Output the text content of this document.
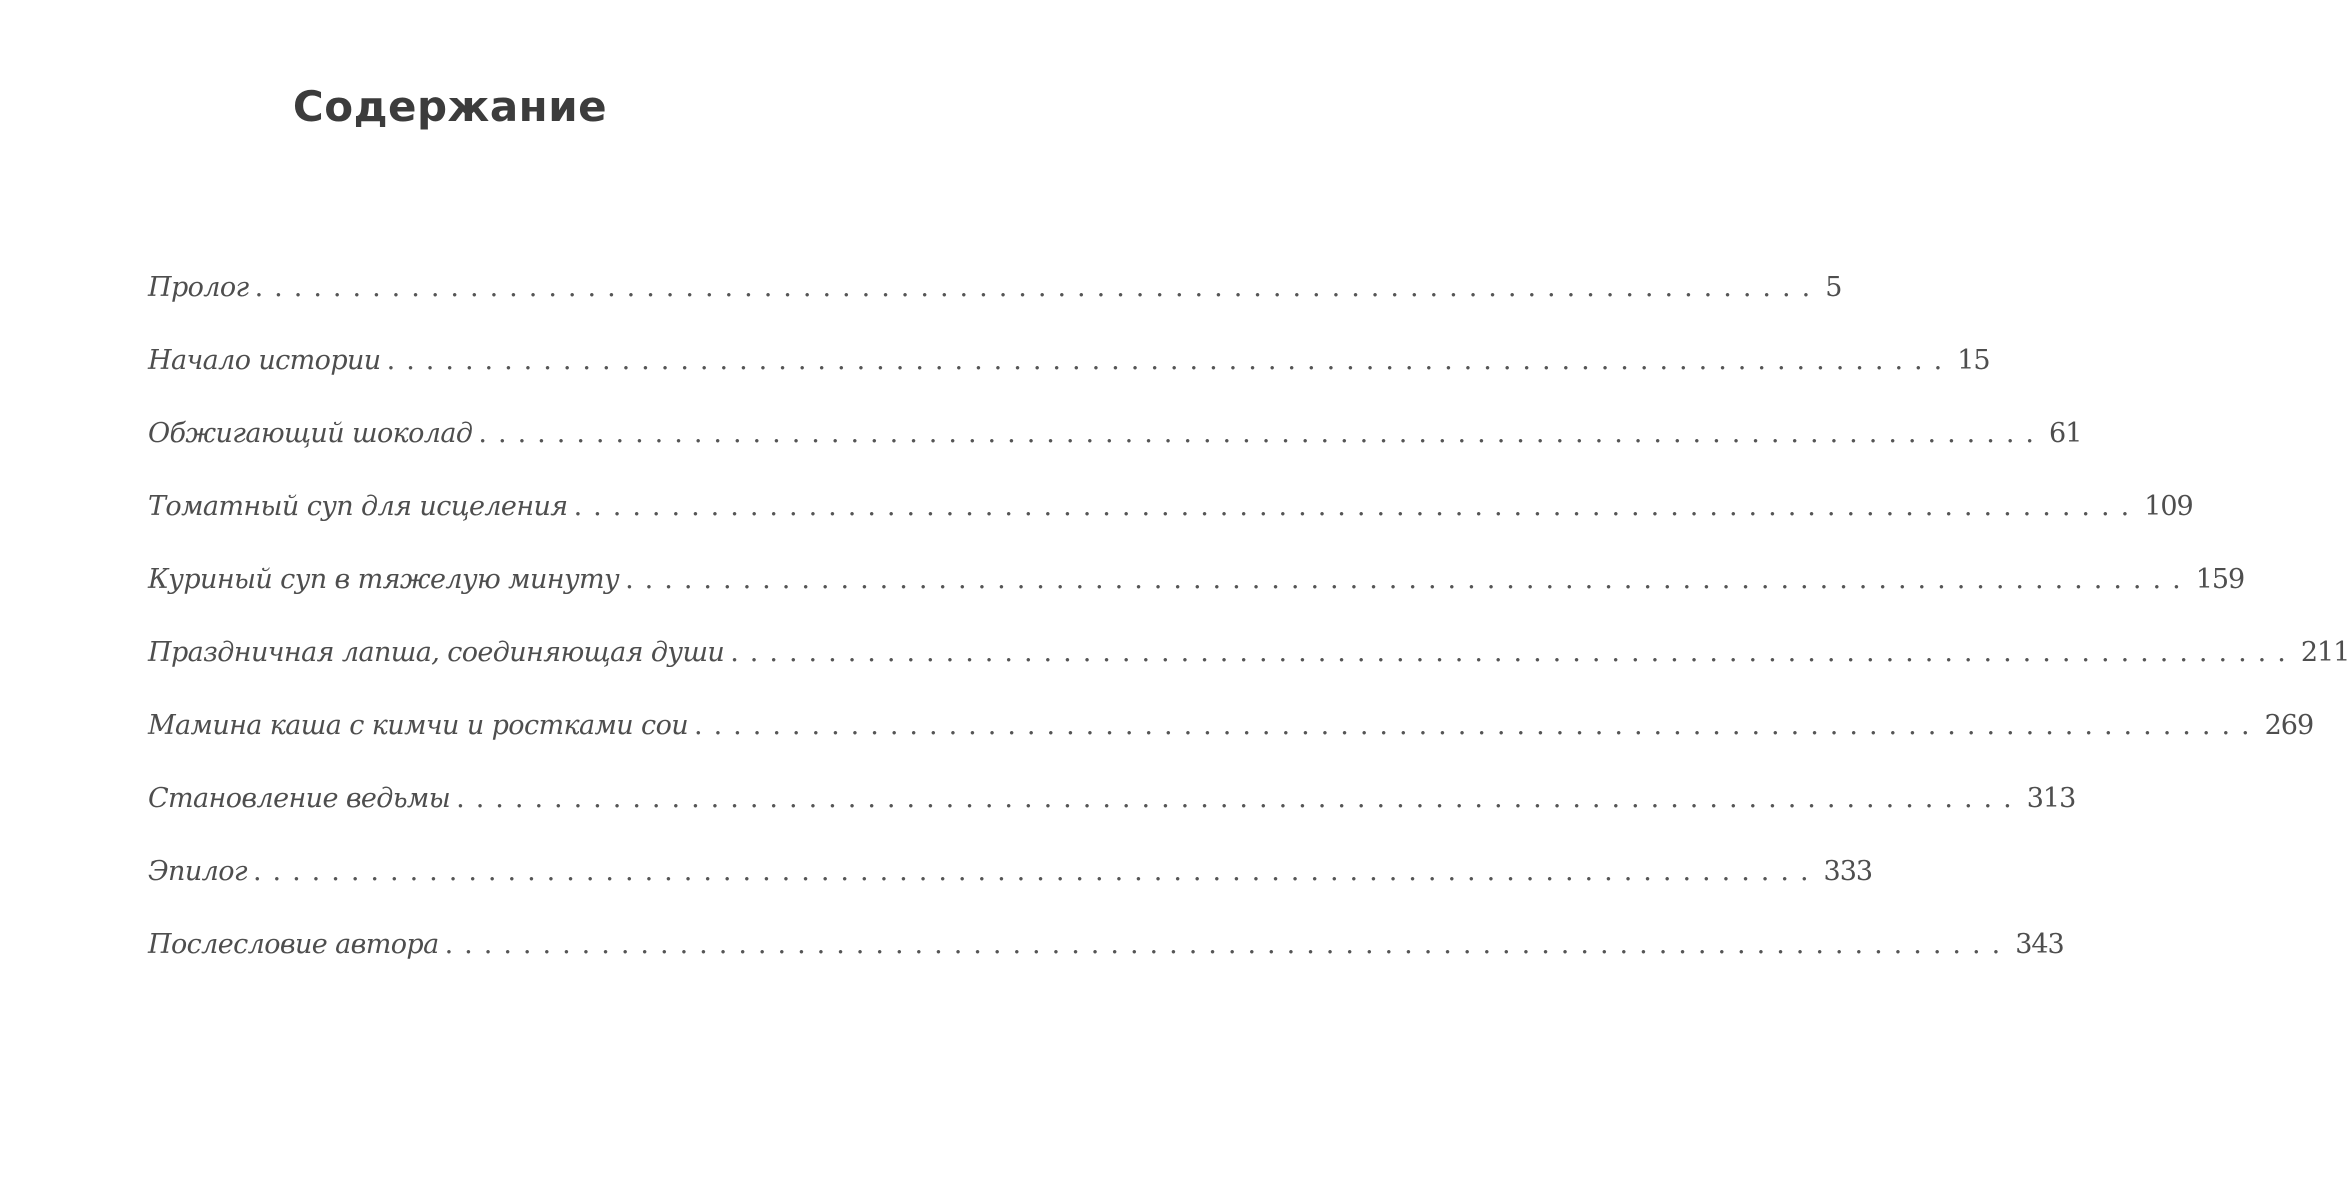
Содержание
Пролог ................................................................................ 5
Начало истории ................................................................................ 15
Обжигающий шоколад ................................................................................ 61
Томатный суп для исцеления ................................................................................ 109
Куриный суп в тяжелую минуту ................................................................................ 159
Праздничная лапша, соединяющая души ................................................................................ 211
Мамина каша с кимчи и ростками сои ................................................................................ 269
Становление ведьмы ................................................................................ 313
Эпилог ................................................................................ 333
Послесловие автора ................................................................................ 343
